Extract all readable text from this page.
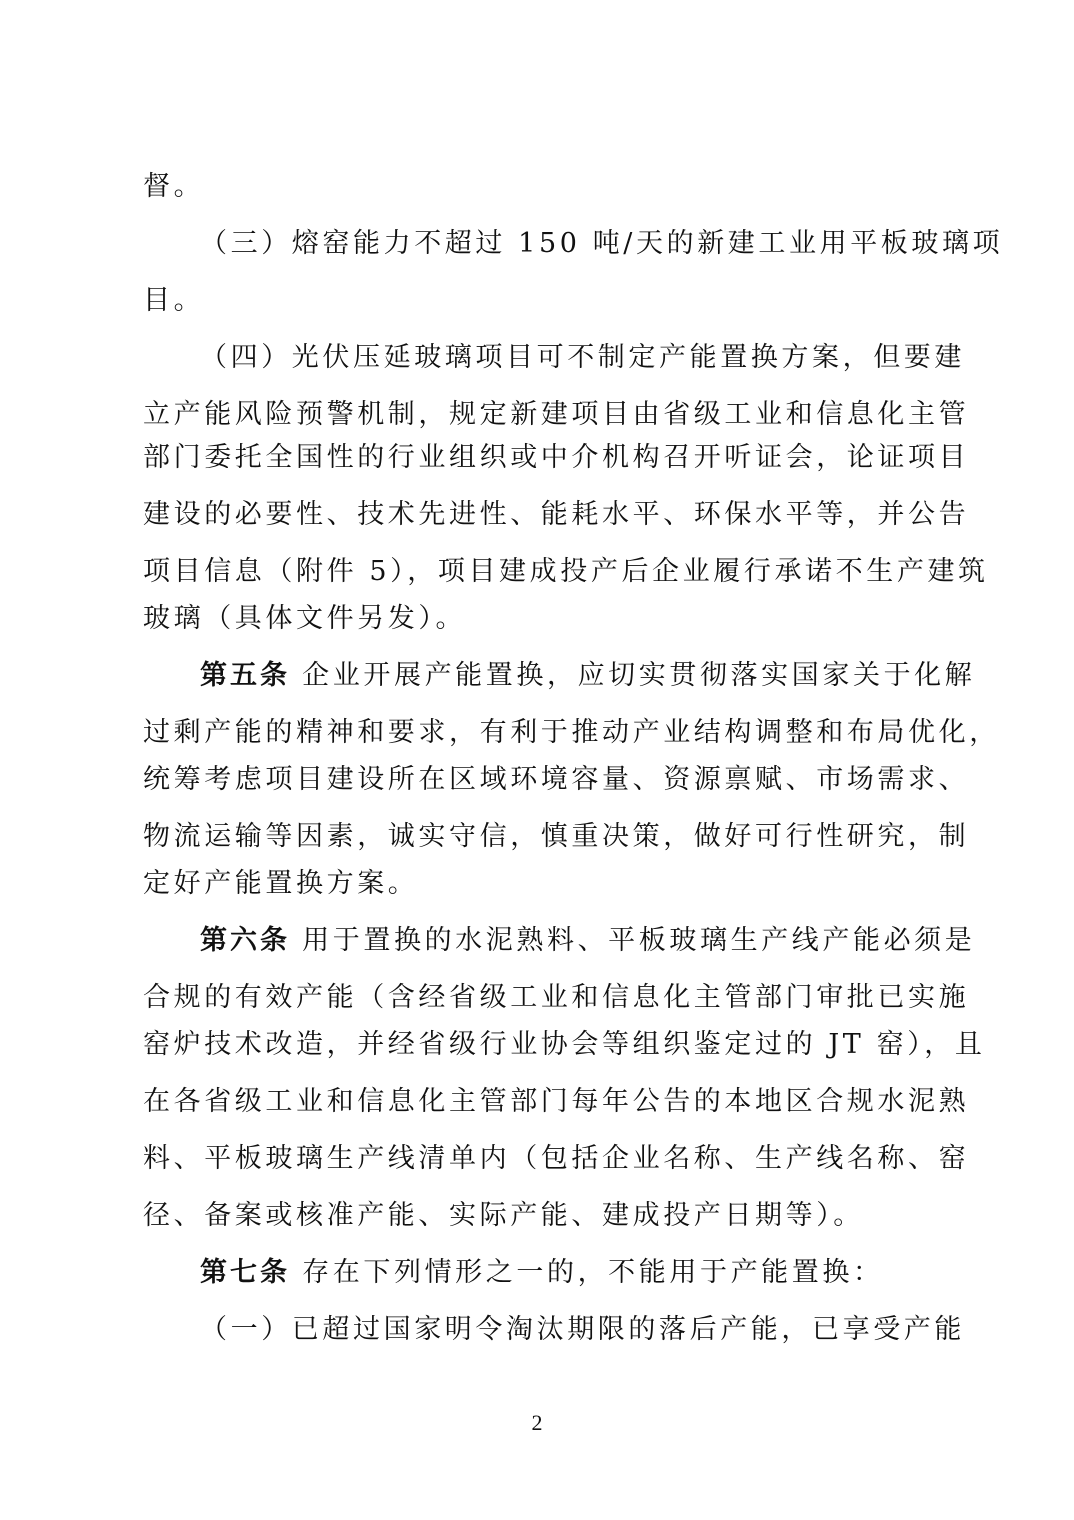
督。
（三）熔窑能力不超过 150 吨/天的新建工业用平板玻璃项
目。
（四）光伏压延玻璃项目可不制定产能置换方案，但要建
立产能风险预警机制，规定新建项目由省级工业和信息化主管
部门委托全国性的行业组织或中介机构召开听证会，论证项目
建设的必要性、技术先进性、能耗水平、环保水平等，并公告
项目信息（附件 5），项目建成投产后企业履行承诺不生产建筑
玻璃（具体文件另发）。
第五条 企业开展产能置换，应切实贯彻落实国家关于化解
过剩产能的精神和要求，有利于推动产业结构调整和布局优化，
统筹考虑项目建设所在区域环境容量、资源禀赋、市场需求、
物流运输等因素，诚实守信，慎重决策，做好可行性研究，制
定好产能置换方案。
第六条 用于置换的水泥熟料、平板玻璃生产线产能必须是
合规的有效产能（含经省级工业和信息化主管部门审批已实施
窑炉技术改造，并经省级行业协会等组织鉴定过的 JT 窑），且
在各省级工业和信息化主管部门每年公告的本地区合规水泥熟
料、平板玻璃生产线清单内（包括企业名称、生产线名称、窑
径、备案或核准产能、实际产能、建成投产日期等）。
第七条 存在下列情形之一的，不能用于产能置换：
（一）已超过国家明令淘汰期限的落后产能，已享受产能
2
